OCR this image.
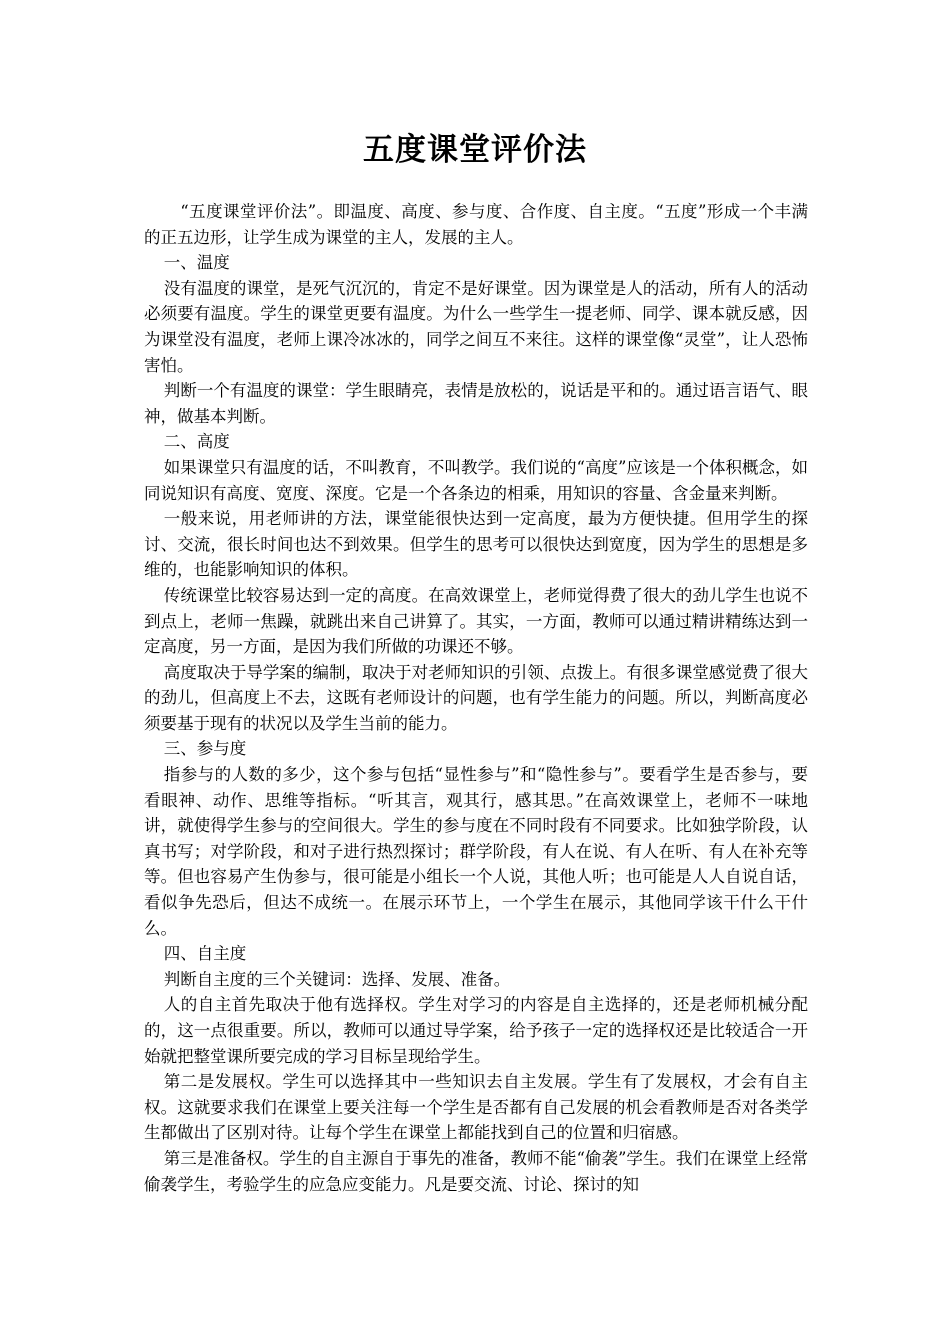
五度课堂评价法

“五度课堂评价法”。即温度、高度、参与度、合作度、自主度。“五度”形成一个丰满的正五边形，让学生成为课堂的主人，发展的主人。

一、温度

没有温度的课堂，是死气沉沉的，肯定不是好课堂。因为课堂是人的活动，所有人的活动必须要有温度。学生的课堂更要有温度。为什么一些学生一提老师、同学、课本就反感，因为课堂没有温度，老师上课冷冰冰的，同学之间互不来往。这样的课堂像“灵堂”，让人恐怖害怕。

判断一个有温度的课堂：学生眼睛亮，表情是放松的，说话是平和的。通过语言语气、眼神，做基本判断。

二、高度

如果课堂只有温度的话，不叫教育，不叫教学。我们说的“高度”应该是一个体积概念，如同说知识有高度、宽度、深度。它是一个各条边的相乘，用知识的容量、含金量来判断。

一般来说，用老师讲的方法，课堂能很快达到一定高度，最为方便快捷。但用学生的探讨、交流，很长时间也达不到效果。但学生的思考可以很快达到宽度，因为学生的思想是多维的，也能影响知识的体积。

传统课堂比较容易达到一定的高度。在高效课堂上，老师觉得费了很大的劲儿学生也说不到点上，老师一焦躁，就跳出来自己讲算了。其实，一方面，教师可以通过精讲精练达到一定高度，另一方面，是因为我们所做的功课还不够。

高度取决于导学案的编制，取决于对老师知识的引领、点拨上。有很多课堂感觉费了很大的劲儿，但高度上不去，这既有老师设计的问题，也有学生能力的问题。所以，判断高度必须要基于现有的状况以及学生当前的能力。

三、参与度

指参与的人数的多少，这个参与包括“显性参与”和“隐性参与”。要看学生是否参与，要看眼神、动作、思维等指标。“听其言，观其行，感其思。”在高效课堂上，老师不一味地讲，就使得学生参与的空间很大。学生的参与度在不同时段有不同要求。比如独学阶段，认真书写；对学阶段，和对子进行热烈探讨；群学阶段，有人在说、有人在听、有人在补充等等。但也容易产生伪参与，很可能是小组长一个人说，其他人听；也可能是人人自说自话，看似争先恐后，但达不成统一。在展示环节上，一个学生在展示，其他同学该干什么干什么。

四、自主度

判断自主度的三个关键词：选择、发展、准备。

人的自主首先取决于他有选择权。学生对学习的内容是自主选择的，还是老师机械分配的，这一点很重要。所以，教师可以通过导学案，给予孩子一定的选择权还是比较适合一开始就把整堂课所要完成的学习目标呈现给学生。

第二是发展权。学生可以选择其中一些知识去自主发展。学生有了发展权，才会有自主权。这就要求我们在课堂上要关注每一个学生是否都有自己发展的机会看教师是否对各类学生都做出了区别对待。让每个学生在课堂上都能找到自己的位置和归宿感。

第三是准备权。学生的自主源自于事先的准备，教师不能“偷袭”学生。我们在课堂上经常偷袭学生，考验学生的应急应变能力。凡是要交流、讨论、探讨的知
